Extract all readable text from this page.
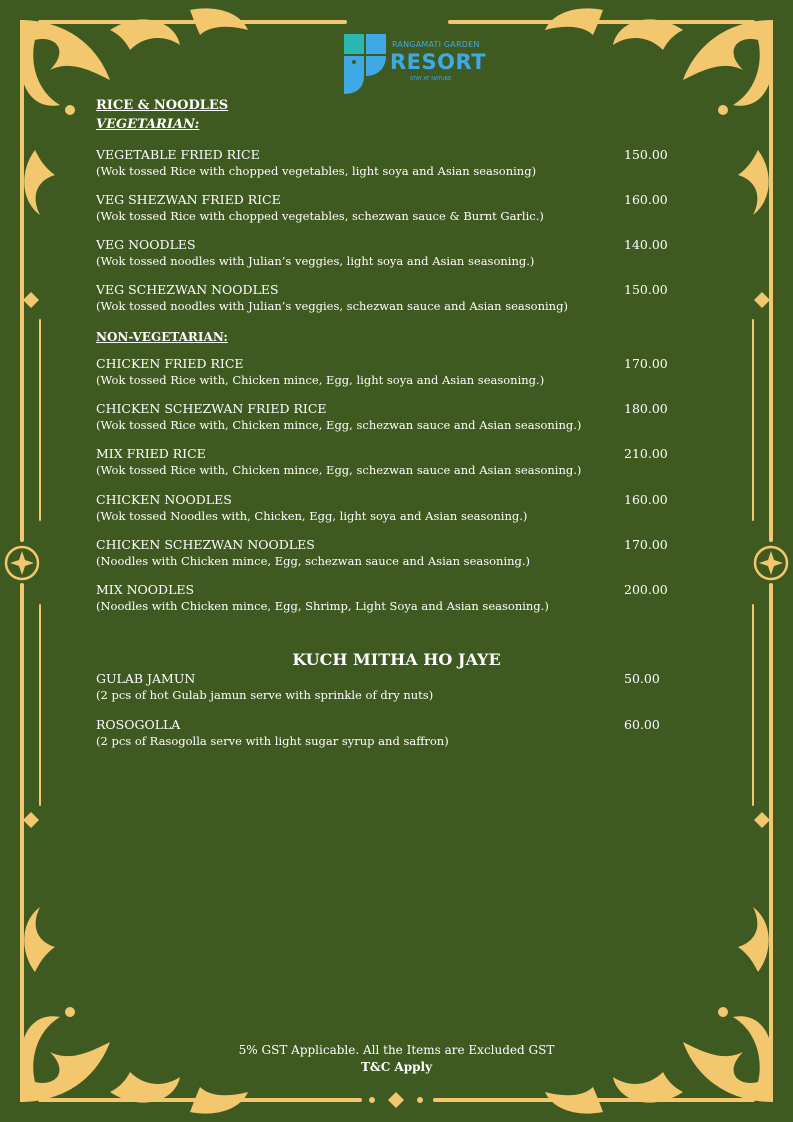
RANGAMATI GARDEN
RESORT
STAY AT NATURE
RICE & NOODLES
VEGETARIAN:
VEGETABLE FRIED RICE
(Wok tossed Rice with chopped vegetables, light soya and Asian seasoning)
150.00
VEG SHEZWAN FRIED RICE
(Wok tossed Rice with chopped vegetables, schezwan sauce & Burnt Garlic.)
160.00
VEG NOODLES
(Wok tossed noodles with Julian’s veggies, light soya and Asian seasoning.)
140.00
VEG SCHEZWAN NOODLES
(Wok tossed noodles with Julian’s veggies, schezwan sauce and Asian seasoning)
150.00
NON-VEGETARIAN:
CHICKEN FRIED RICE
(Wok tossed Rice with, Chicken mince, Egg, light soya and Asian seasoning.)
170.00
CHICKEN SCHEZWAN FRIED RICE
(Wok tossed Rice with, Chicken mince, Egg, schezwan sauce and Asian seasoning.)
180.00
MIX FRIED RICE
(Wok tossed Rice with, Chicken mince, Egg, schezwan sauce and Asian seasoning.)
210.00
CHICKEN NOODLES
(Wok tossed Noodles with, Chicken, Egg, light soya and Asian seasoning.)
160.00
CHICKEN SCHEZWAN NOODLES
(Noodles with Chicken mince, Egg, schezwan sauce and Asian seasoning.)
170.00
MIX NOODLES
(Noodles with Chicken mince, Egg, Shrimp, Light Soya and Asian seasoning.)
200.00
KUCH MITHA HO JAYE
GULAB JAMUN
(2 pcs of hot Gulab jamun serve with sprinkle of dry nuts)
50.00
ROSOGOLLA
(2 pcs of Rasogolla serve with light sugar syrup and saffron)
60.00
5% GST Applicable. All the Items are Excluded GST
T&C Apply
